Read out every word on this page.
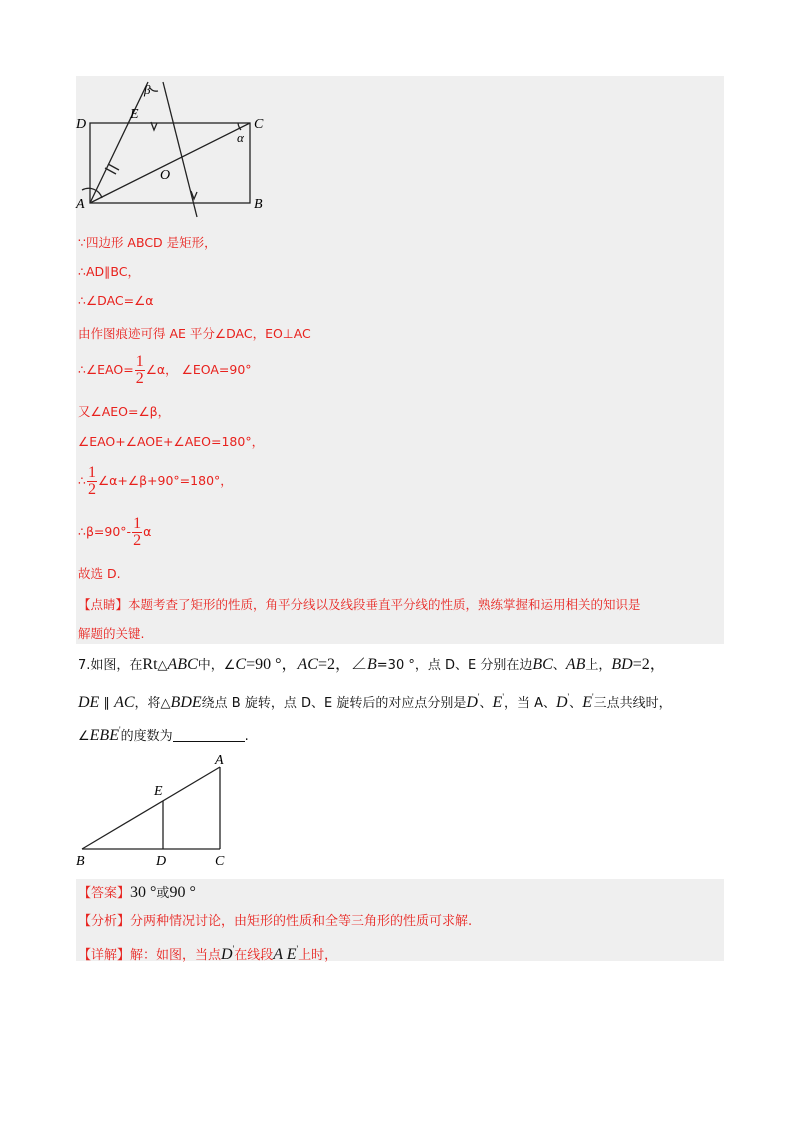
D	C
A	B
E
O
α
β
∵四边形 ABCD 是矩形，
∴AD∥BC，
∴∠DAC=∠α
由作图痕迹可得 AE 平分∠DAC，EO⊥AC
∴∠EAO= $\frac{1}{2}$ ∠α， ∠EOA=90°
又∠AEO=∠β，
∠EAO+∠AOE+∠AEO=180°，
∴ $\frac{1}{2}$ ∠α+∠β+90°=180°，
∴β=90°- $\frac{1}{2}$ α
故选 D.
【点睛】本题考查了矩形的性质，角平分线以及线段垂直平分线的性质，熟练掌握和运用相关的知识是
解题的关键.
7.如图，在Rt△ABC中，∠C=90 °，AC=2，∠B=30 °，点 D、E 分别在边BC、AB上，BD=2，
DE ∥ AC，将△BDE绕点 B 旋转，点 D、E 旋转后的对应点分别是D'、E'，当 A、D'、E'三点共线时，
∠EBE'的度数为	.
A
E
B	D	C
【答案】30 °或90 °
【分析】分两种情况讨论，由矩形的性质和全等三角形的性质可求解.
【详解】解：如图，当点D'在线段A E'上时，
